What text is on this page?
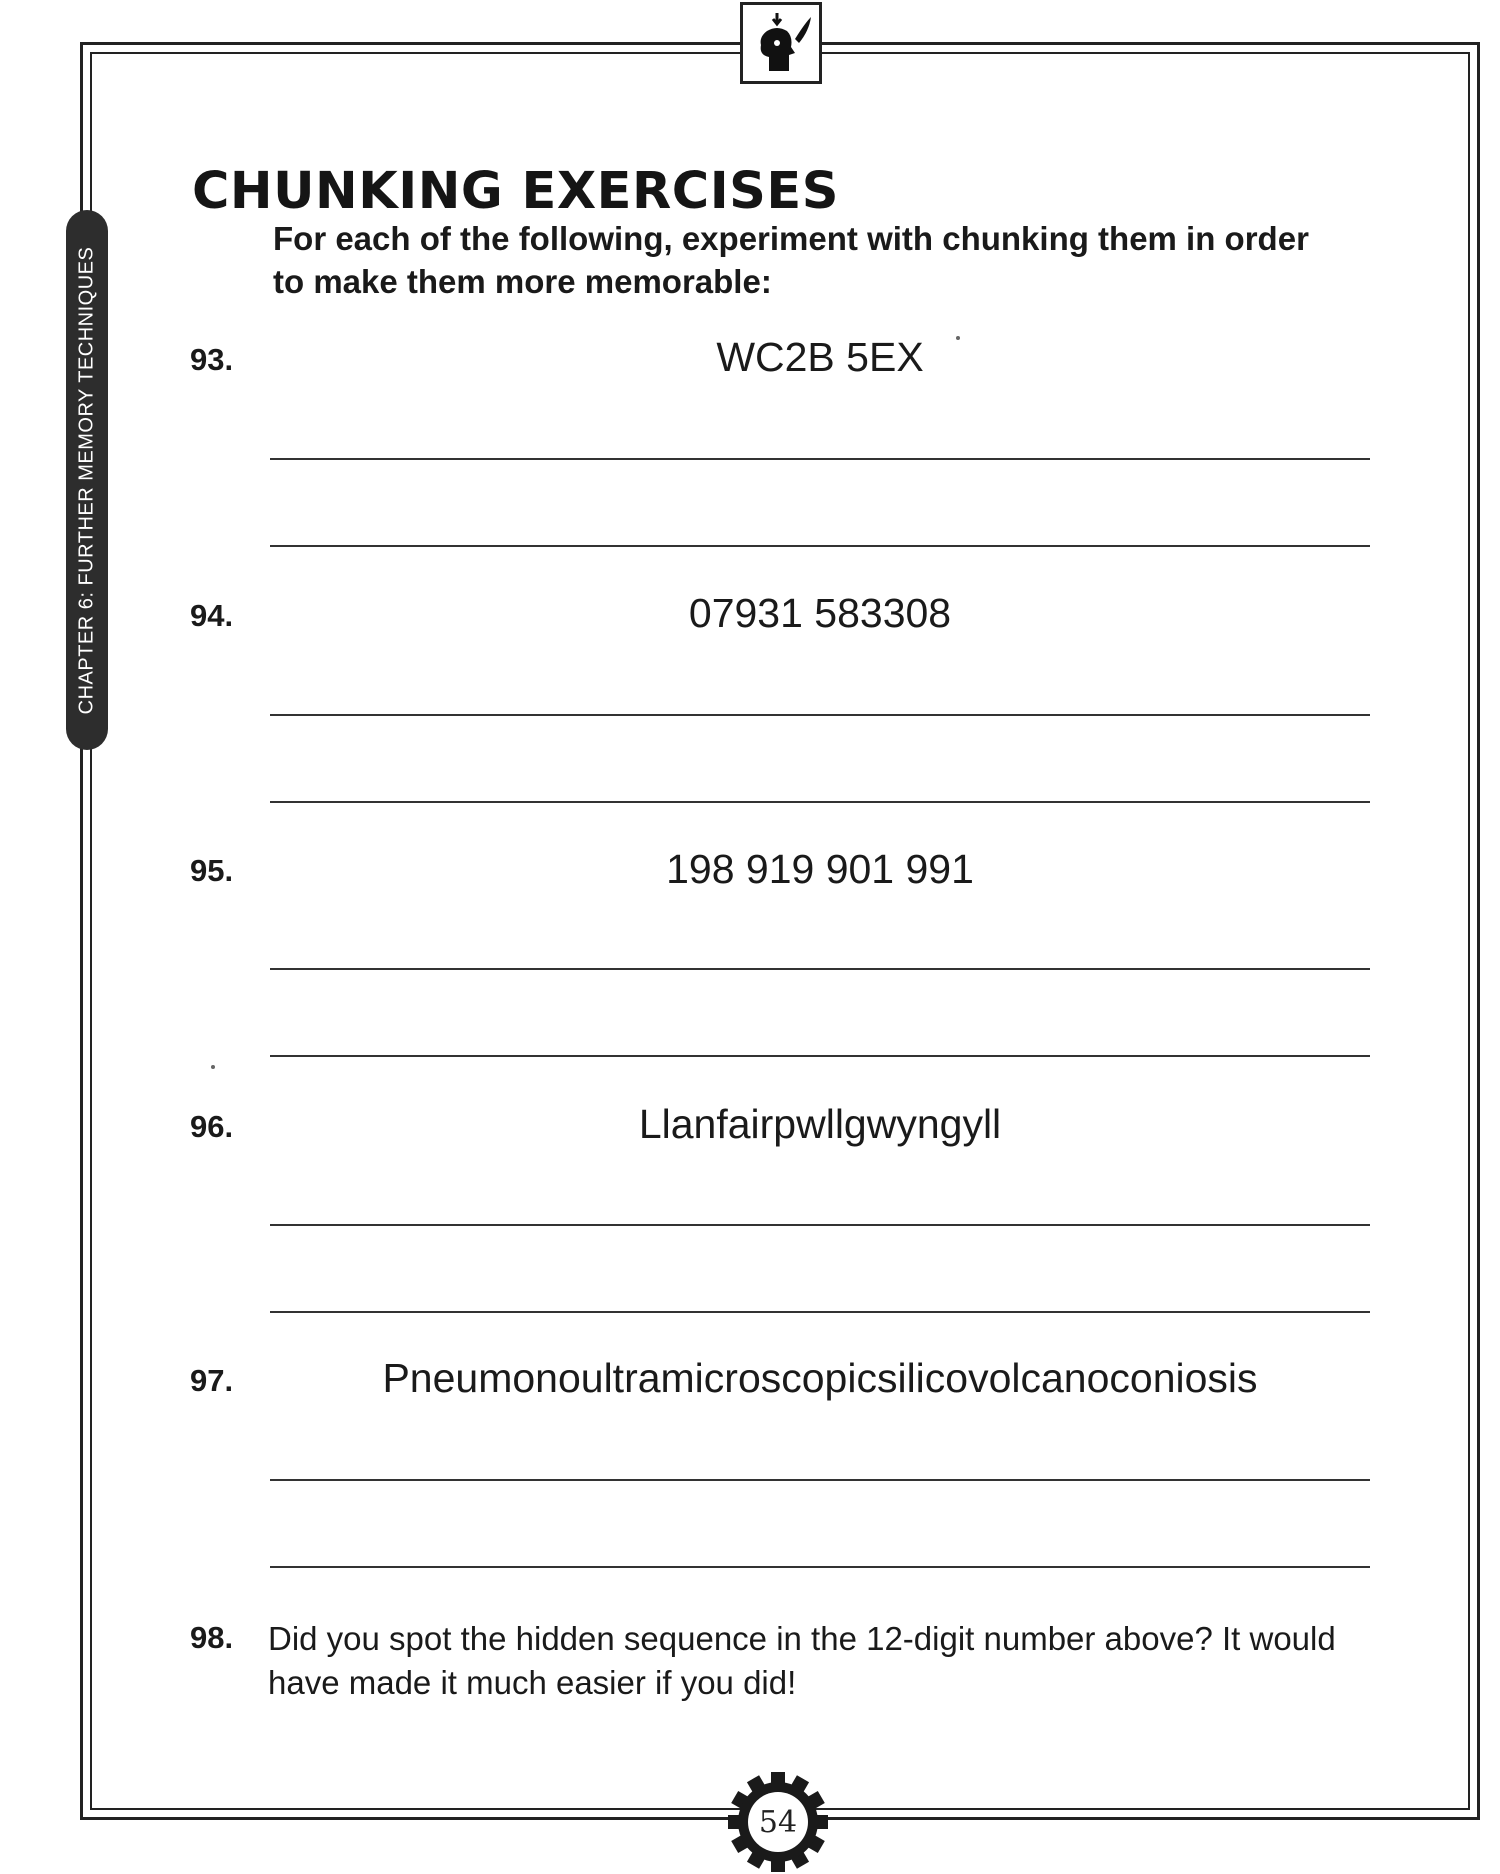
CHAPTER 6: FURTHER MEMORY TECHNIQUES
CHUNKING EXERCISES
For each of the following, experiment with chunking them in order to make them more memorable:
93.	WC2B 5EX
94.	07931 583308
95.	198 919 901 991
96.	Llanfairpwllgwyngyll
97.	Pneumonoultramicroscopicsilicovolcanoconiosis
98. Did you spot the hidden sequence in the 12-digit number above? It would have made it much easier if you did!
54
